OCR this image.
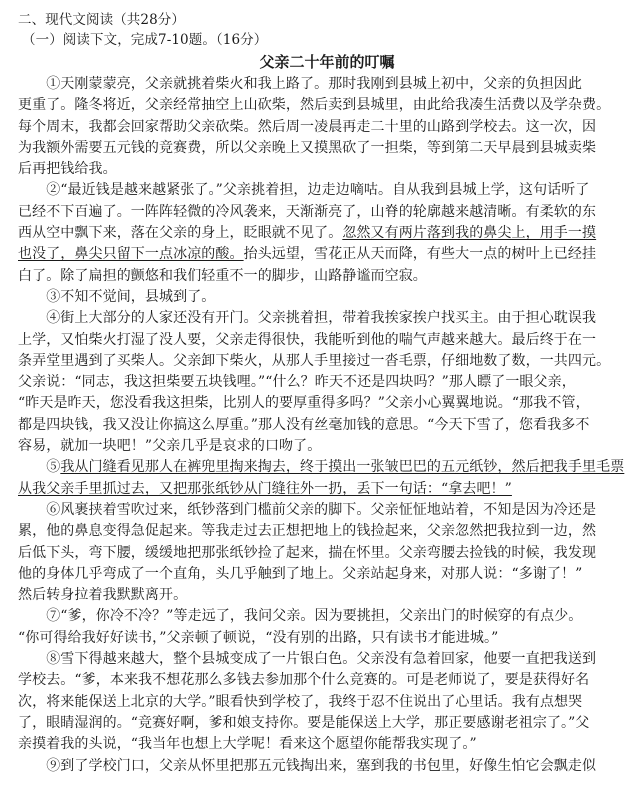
二、现代文阅读（共28分）
（一）阅读下文，完成7-10题。（16分）
父亲二十年前的叮嘱
　　①天刚蒙蒙亮，父亲就挑着柴火和我上路了。那时我刚到县城上初中，父亲的负担因此
更重了。隆冬将近，父亲经常抽空上山砍柴，然后卖到县城里，由此给我凑生活费以及学杂费。
每个周末，我都会回家帮助父亲砍柴。然后周一凌晨再走二十里的山路到学校去。这一次，因
为我额外需要五元钱的竞赛费，所以父亲晚上又摸黑砍了一担柴，等到第二天早晨到县城卖柴
后再把钱给我。
　　②“最近钱是越来越紧张了。”父亲挑着担，边走边嘀咕。自从我到县城上学，这句话听了
已经不下百遍了。一阵阵轻微的冷风袭来，天渐渐亮了，山脊的轮廓越来越清晰。有柔软的东
西从空中飘下来，落在父亲的身上，眨眼就不见了。忽然又有两片落到我的鼻尖上，用手一摸
也没了，鼻尖只留下一点冰凉的酸。抬头远望，雪花正从天而降，有些大一点的树叶上已经挂
白了。除了扁担的颤悠和我们轻重不一的脚步，山路静谧而空寂。
　　③不知不觉间，县城到了。
　　④街上大部分的人家还没有开门。父亲挑着担，带着我挨家挨户找买主。由于担心耽误我
上学，又怕柴火打湿了没人要，父亲走得很快，我能听到他的喘气声越来越大。最后终于在一
条弄堂里遇到了买柴人。父亲卸下柴火，从那人手里接过一沓毛票，仔细地数了数，一共四元。
父亲说：“同志，我这担柴要五块钱哩。”“什么？昨天不还是四块吗？”那人瞟了一眼父亲，
“昨天是昨天，您没看我这担柴，比别人的要厚重得多吗？”父亲小心翼翼地说。“那我不管，
都是四块钱，我又没让你搞这么厚重。”那人没有丝毫加钱的意思。“今天下雪了，您看我多不
容易，就加一块吧！”父亲几乎是哀求的口吻了。
　　⑤我从门缝看见那人在裤兜里掏来掏去，终于摸出一张皱巴巴的五元纸钞，然后把我手里毛票
从我父亲手里抓过去，又把那张纸钞从门缝往外一扔，丢下一句话：“拿去吧！”
　　⑥风裹挟着雪吹过来，纸钞落到门槛前父亲的脚下。父亲怔怔地站着，不知是因为冷还是
累，他的鼻息变得急促起来。等我走过去正想把地上的钱捡起来，父亲忽然把我拉到一边，然
后低下头，弯下腰，缓缓地把那张纸钞捡了起来，揣在怀里。父亲弯腰去捡钱的时候，我发现
他的身体几乎弯成了一个直角，头几乎触到了地上。父亲站起身来，对那人说：“多谢了！”
然后转身拉着我默默离开。
　　⑦“爹，你冷不冷？”等走远了，我问父亲。因为要挑担，父亲出门的时候穿的有点少。
“你可得给我好好读书，”父亲顿了顿说，“没有别的出路，只有读书才能进城。”
　　⑧雪下得越来越大，整个县城变成了一片银白色。父亲没有急着回家，他要一直把我送到
学校去。“爹，本来我不想花那么多钱去参加那个什么竞赛的。可是老师说了，要是获得好名
次，将来能保送上北京的大学。”眼看快到学校了，我终于忍不住说出了心里话。我有点想哭
了，眼睛湿润的。“竞赛好啊，爹和娘支持你。要是能保送上大学，那正要感谢老祖宗了。”父
亲摸着我的头说，“我当年也想上大学呢！看来这个愿望你能帮我实现了。”
　　⑨到了学校门口，父亲从怀里把那五元钱掏出来，塞到我的书包里，好像生怕它会飘走似
